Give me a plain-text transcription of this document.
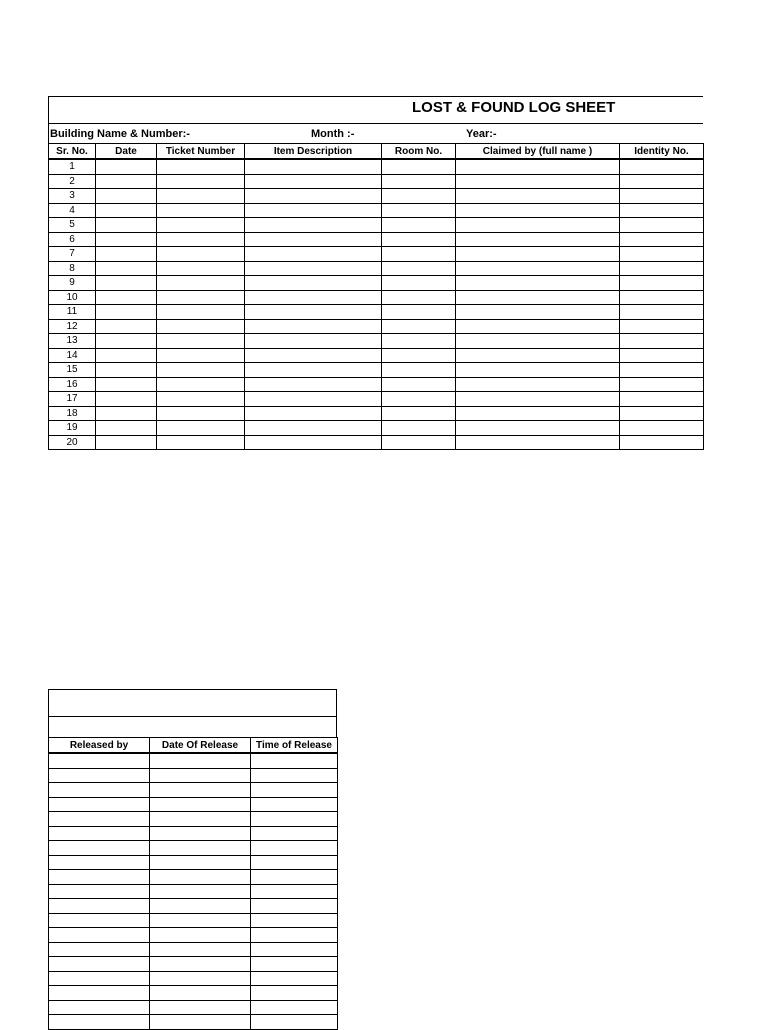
LOST & FOUND LOG SHEET
Building Name & Number:-	Month :-	Year:-
Sr. No.	Date	Ticket Number	Item Description	Room No.	Claimed by (full name )	Identity No.
1						
2						
3						
4						
5						
6						
7						
8						
9						
10						
11						
12						
13						
14						
15						
16						
17						
18						
19						
20						
Released by	Date Of Release	Time of Release
